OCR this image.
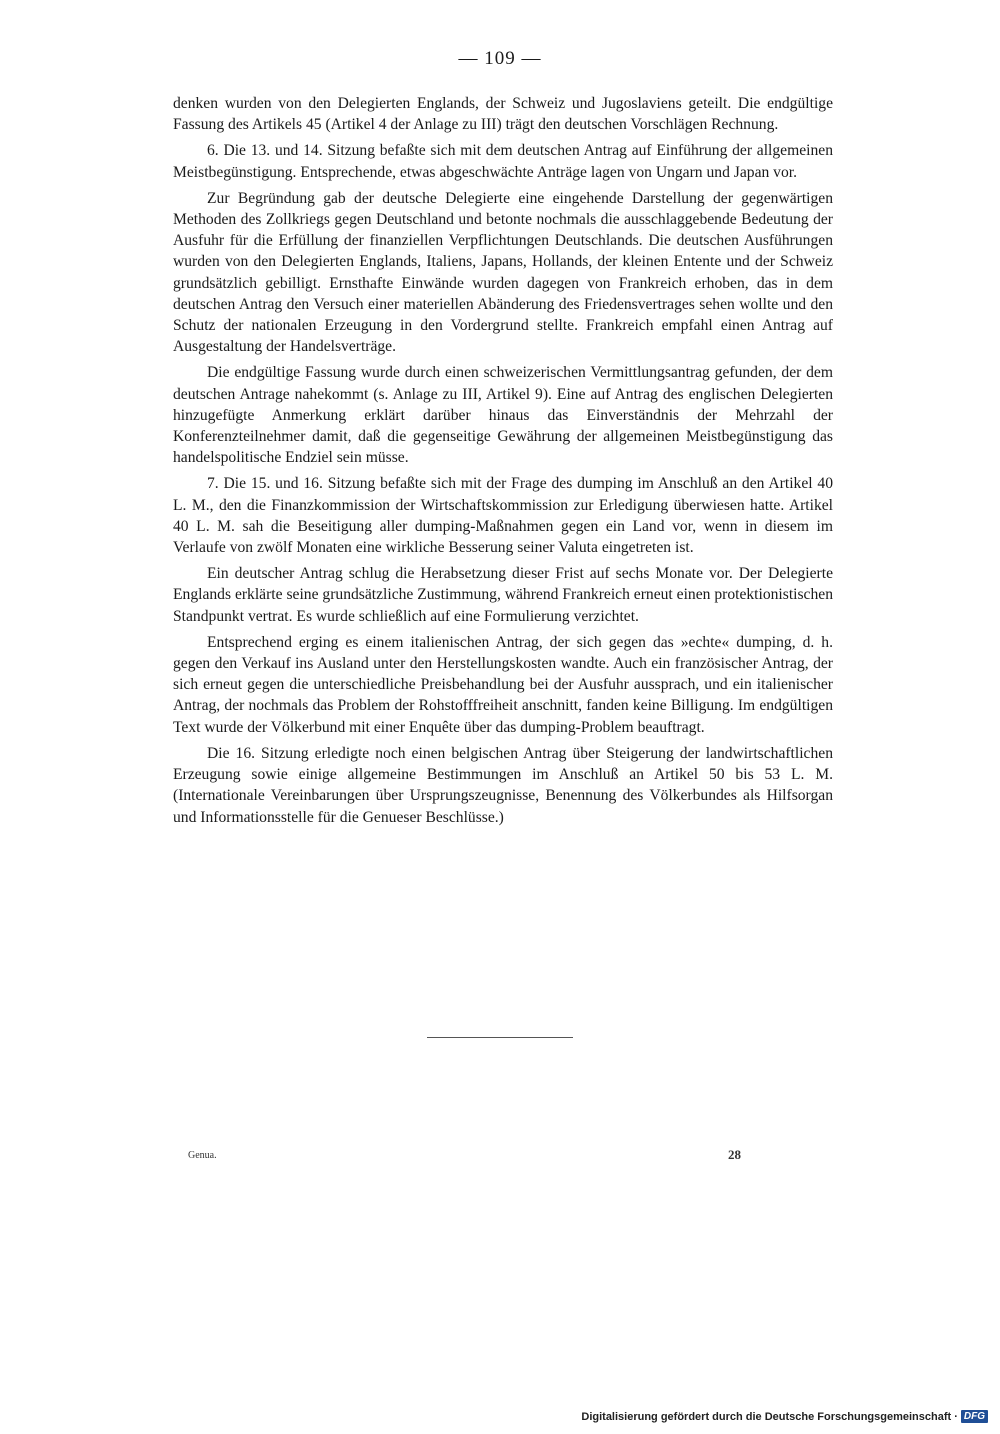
— 109 —

denken wurden von den Delegierten Englands, der Schweiz und Jugoslaviens geteilt. Die endgültige Fassung des Artikels 45 (Artikel 4 der Anlage zu III) trägt den deutschen Vorschlägen Rechnung.

6. Die 13. und 14. Sitzung befaßte sich mit dem deutschen Antrag auf Einführung der allgemeinen Meistbegünstigung. Entsprechende, etwas abgeschwächte Anträge lagen von Ungarn und Japan vor.

Zur Begründung gab der deutsche Delegierte eine eingehende Darstellung der gegenwärtigen Methoden des Zollkriegs gegen Deutschland und betonte nochmals die ausschlaggebende Bedeutung der Ausfuhr für die Erfüllung der finanziellen Verpflichtungen Deutschlands. Die deutschen Ausführungen wurden von den Delegierten Englands, Italiens, Japans, Hollands, der kleinen Entente und der Schweiz grundsätzlich gebilligt. Ernsthafte Einwände wurden dagegen von Frankreich erhoben, das in dem deutschen Antrag den Versuch einer materiellen Abänderung des Friedensvertrages sehen wollte und den Schutz der nationalen Erzeugung in den Vordergrund stellte. Frankreich empfahl einen Antrag auf Ausgestaltung der Handelsverträge.

Die endgültige Fassung wurde durch einen schweizerischen Vermittlungsantrag gefunden, der dem deutschen Antrage nahekommt (s. Anlage zu III, Artikel 9). Eine auf Antrag des englischen Delegierten hinzugefügte Anmerkung erklärt darüber hinaus das Einverständnis der Mehrzahl der Konferenzteilnehmer damit, daß die gegenseitige Gewährung der allgemeinen Meistbegünstigung das handelspolitische Endziel sein müsse.

7. Die 15. und 16. Sitzung befaßte sich mit der Frage des dumping im Anschluß an den Artikel 40 L. M., den die Finanzkommission der Wirtschaftskommission zur Erledigung überwiesen hatte. Artikel 40 L. M. sah die Beseitigung aller dumping-Maßnahmen gegen ein Land vor, wenn in diesem im Verlaufe von zwölf Monaten eine wirkliche Besserung seiner Valuta eingetreten ist.

Ein deutscher Antrag schlug die Herabsetzung dieser Frist auf sechs Monate vor. Der Delegierte Englands erklärte seine grundsätzliche Zustimmung, während Frankreich erneut einen protektionistischen Standpunkt vertrat. Es wurde schließlich auf eine Formulierung verzichtet.

Entsprechend erging es einem italienischen Antrag, der sich gegen das »echte« dumping, d. h. gegen den Verkauf ins Ausland unter den Herstellungskosten wandte. Auch ein französischer Antrag, der sich erneut gegen die unterschiedliche Preisbehandlung bei der Ausfuhr aussprach, und ein italienischer Antrag, der nochmals das Problem der Rohstofffreiheit anschnitt, fanden keine Billigung. Im endgültigen Text wurde der Völkerbund mit einer Enquête über das dumping-Problem beauftragt.

Die 16. Sitzung erledigte noch einen belgischen Antrag über Steigerung der landwirtschaftlichen Erzeugung sowie einige allgemeine Bestimmungen im Anschluß an Artikel 50 bis 53 L. M. (Internationale Vereinbarungen über Ursprungszeugnisse, Benennung des Völkerbundes als Hilfsorgan und Informationsstelle für die Genueser Beschlüsse.)

Genua.	28
Digitalisierung gefördert durch die Deutsche Forschungsgemeinschaft · DFG
